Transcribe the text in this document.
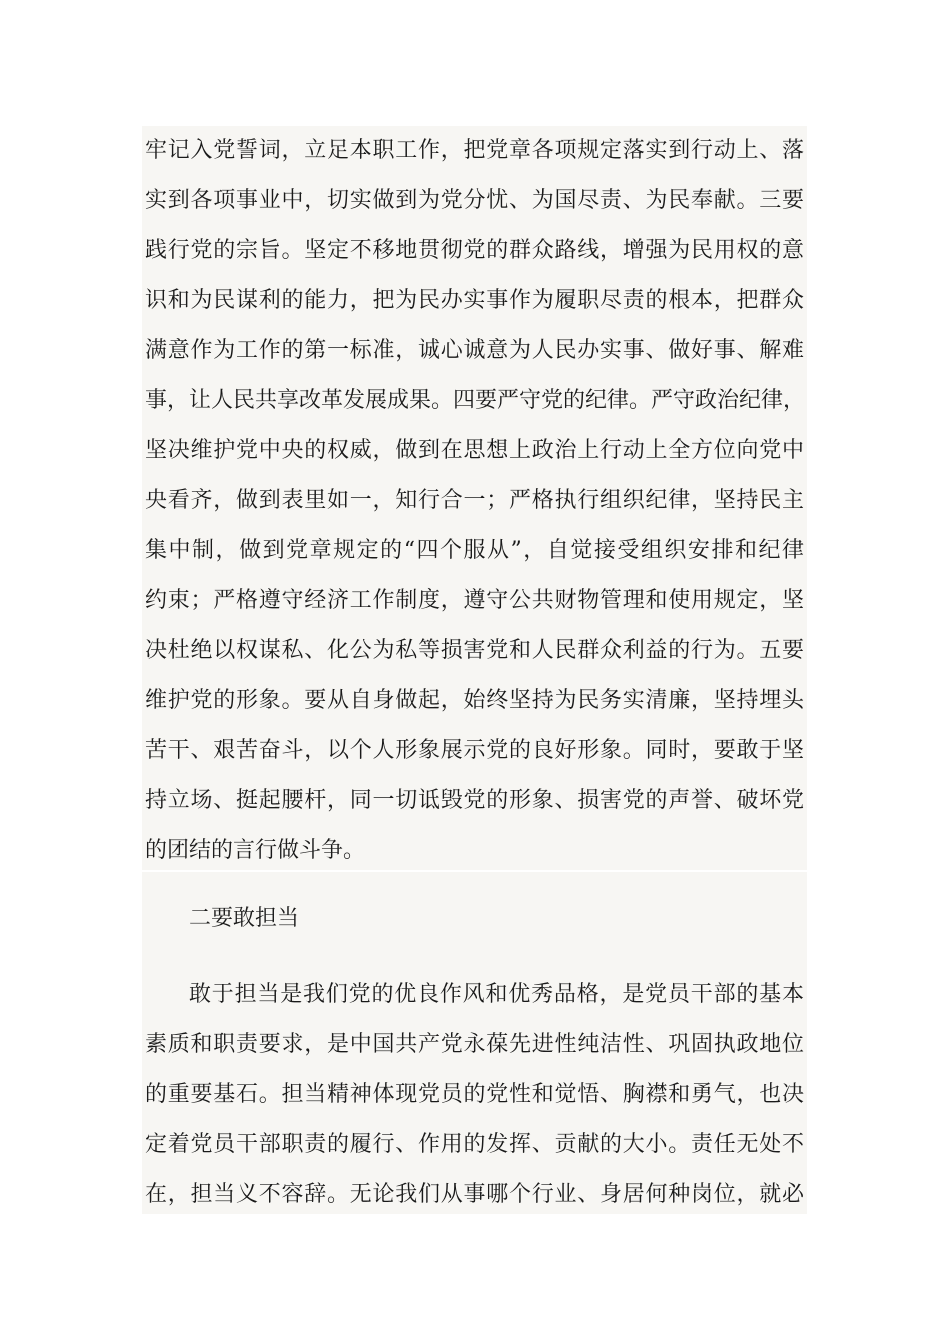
牢记入党誓词，立足本职工作，把党章各项规定落实到行动上、落
实到各项事业中，切实做到为党分忧、为国尽责、为民奉献。三要
践行党的宗旨。坚定不移地贯彻党的群众路线，增强为民用权的意
识和为民谋利的能力，把为民办实事作为履职尽责的根本，把群众
满意作为工作的第一标准，诚心诚意为人民办实事、做好事、解难
事，让人民共享改革发展成果。四要严守党的纪律。严守政治纪律，
坚决维护党中央的权威，做到在思想上政治上行动上全方位向党中
央看齐，做到表里如一，知行合一；严格执行组织纪律，坚持民主
集中制，做到党章规定的“四个服从”，自觉接受组织安排和纪律
约束；严格遵守经济工作制度，遵守公共财物管理和使用规定，坚
决杜绝以权谋私、化公为私等损害党和人民群众利益的行为。五要
维护党的形象。要从自身做起，始终坚持为民务实清廉，坚持埋头
苦干、艰苦奋斗，以个人形象展示党的良好形象。同时，要敢于坚
持立场、挺起腰杆，同一切诋毁党的形象、损害党的声誉、破坏党
的团结的言行做斗争。
二要敢担当
敢于担当是我们党的优良作风和优秀品格，是党员干部的基本
素质和职责要求，是中国共产党永葆先进性纯洁性、巩固执政地位
的重要基石。担当精神体现党员的党性和觉悟、胸襟和勇气，也决
定着党员干部职责的履行、作用的发挥、贡献的大小。责任无处不
在，担当义不容辞。无论我们从事哪个行业、身居何种岗位，就必
